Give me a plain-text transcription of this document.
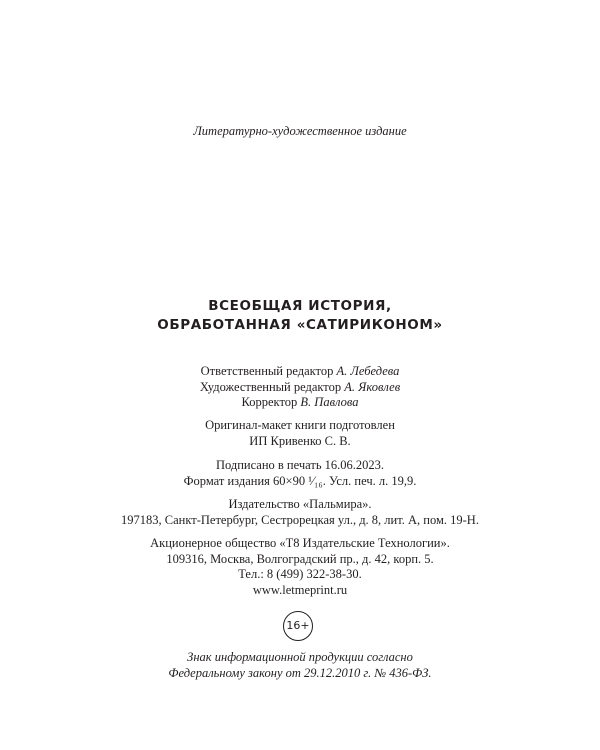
Литературно-художественное издание
ВСЕОБЩАЯ ИСТОРИЯ,
ОБРАБОТАННАЯ «САТИРИКОНОМ»
Ответственный редактор А. Лебедева
Художественный редактор А. Яковлев
Корректор В. Павлова
Оригинал-макет книги подготовлен
ИП Кривенко С. В.
Подписано в печать 16.06.2023.
Формат издания 60×90 ¹⁄₁₆. Усл. печ. л. 19,9.
Издательство «Пальмира».
197183, Санкт-Петербург, Сестрорецкая ул., д. 8, лит. А, пом. 19-Н.
Акционерное общество «Т8 Издательские Технологии».
109316, Москва, Волгоградский пр., д. 42, корп. 5.
Тел.: 8 (499) 322-38-30.
www.letmeprint.ru
16+
Знак информационной продукции согласно
Федеральному закону от 29.12.2010 г. № 436-ФЗ.
